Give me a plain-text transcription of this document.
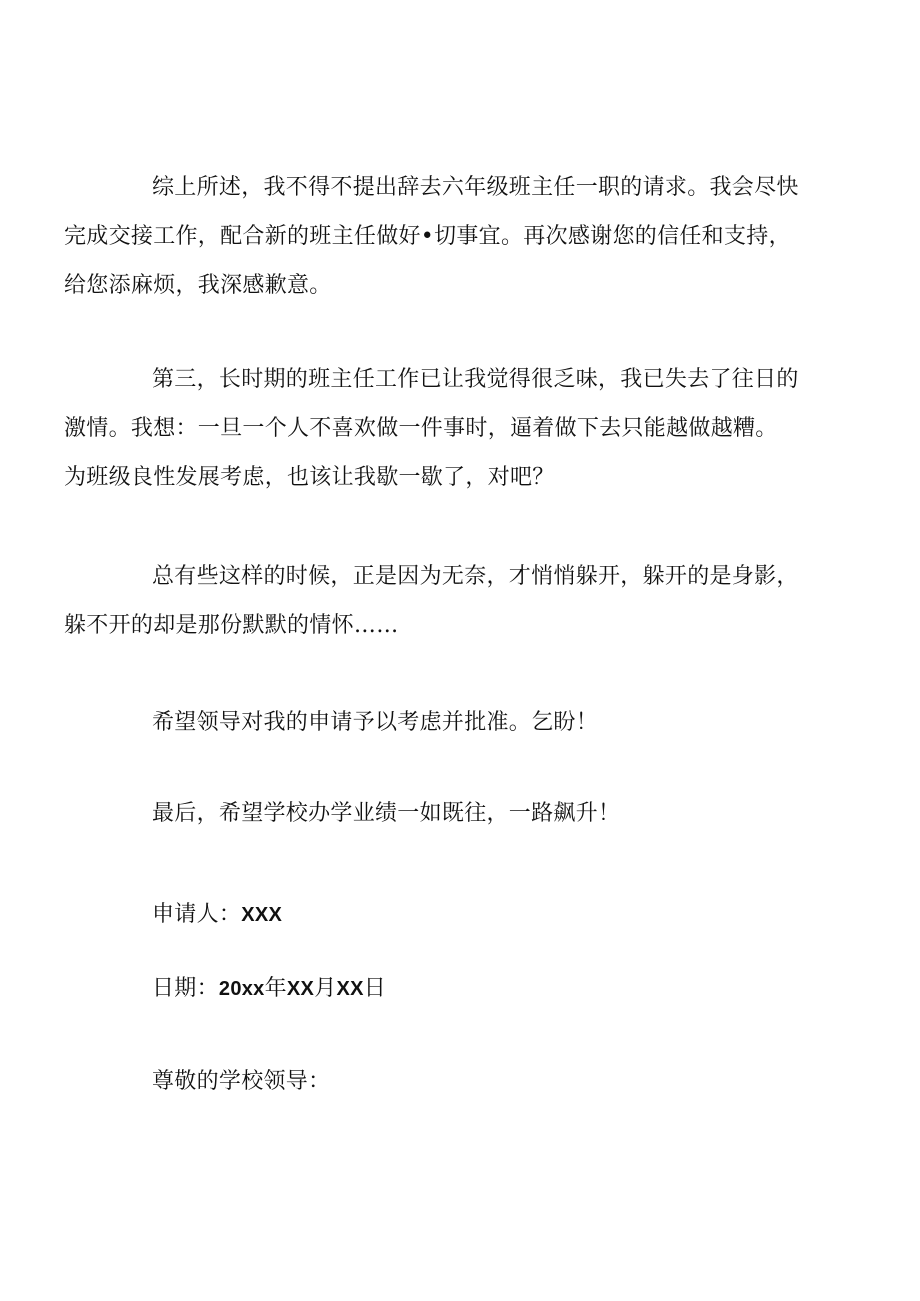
综上所述，我不得不提出辞去六年级班主任一职的请求。我会尽快
完成交接工作，配合新的班主任做好•切事宜。再次感谢您的信任和支持，
给您添麻烦，我深感歉意。

第三，长时期的班主任工作已让我觉得很乏味，我已失去了往日的
激情。我想：一旦一个人不喜欢做一件事时，逼着做下去只能越做越糟。
为班级良性发展考虑，也该让我歇一歇了，对吧？

总有些这样的时候，正是因为无奈，才悄悄躲开，躲开的是身影，
躲不开的却是那份默默的情怀……

希望领导对我的申请予以考虑并批准。乞盼！

最后，希望学校办学业绩一如既往，一路飙升！

申请人：XXX

日期：20xx年XX月XX日

尊敬的学校领导：
